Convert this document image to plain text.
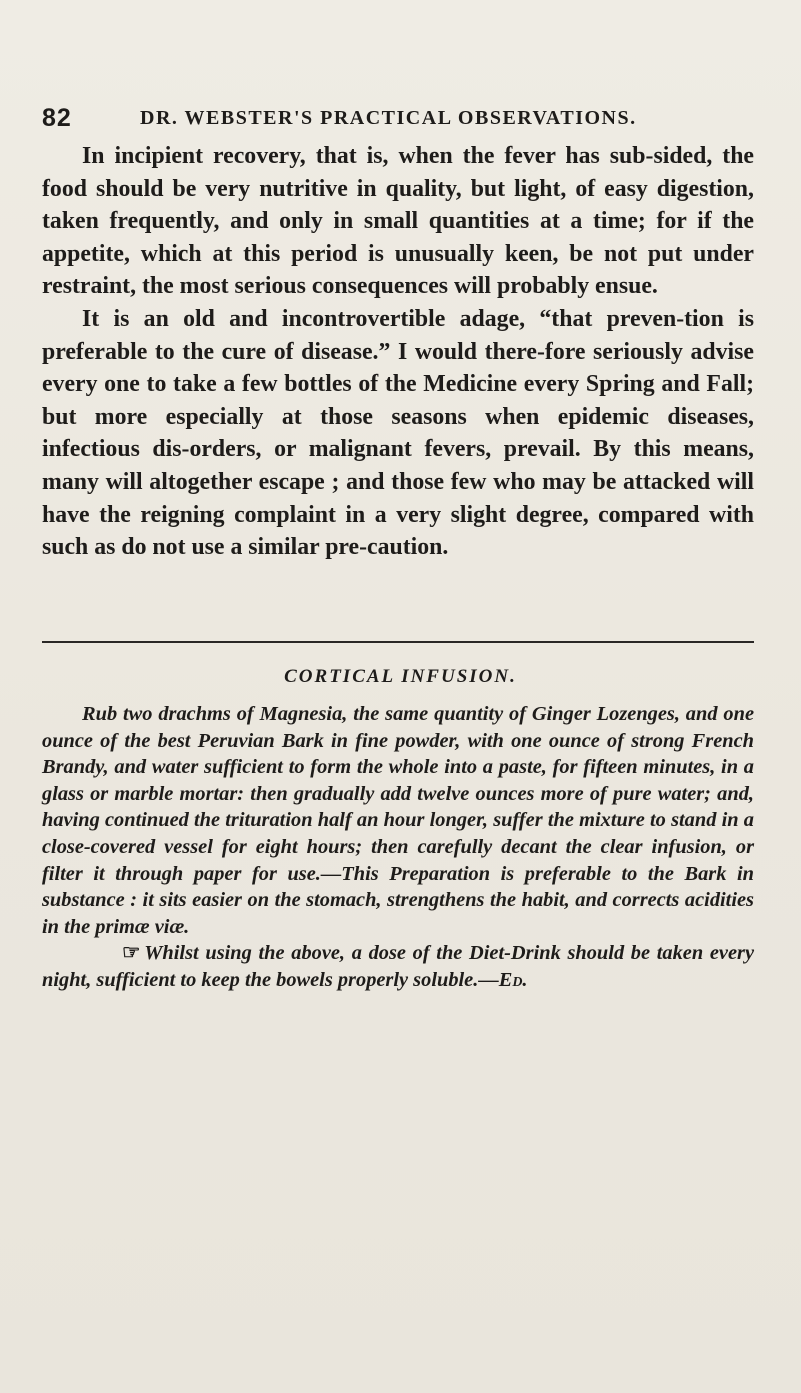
82	DR. WEBSTER'S PRACTICAL OBSERVATIONS.

In incipient recovery, that is, when the fever has sub-sided, the food should be very nutritive in quality, but light, of easy digestion, taken frequently, and only in small quantities at a time; for if the appetite, which at this period is unusually keen, be not put under restraint, the most serious consequences will probably ensue.

It is an old and incontrovertible adage, “that preven-tion is preferable to the cure of disease.” I would there-fore seriously advise every one to take a few bottles of the Medicine every Spring and Fall; but more especially at those seasons when epidemic diseases, infectious dis-orders, or malignant fevers, prevail. By this means, many will altogether escape ; and those few who may be attacked will have the reigning complaint in a very slight degree, compared with such as do not use a similar pre-caution.

CORTICAL INFUSION.

Rub two drachms of Magnesia, the same quantity of Ginger Lozenges, and one ounce of the best Peruvian Bark in fine powder, with one ounce of strong French Brandy, and water sufficient to form the whole into a paste, for fifteen minutes, in a glass or marble mortar: then gradually add twelve ounces more of pure water; and, having continued the trituration half an hour longer, suffer the mixture to stand in a close-covered vessel for eight hours; then carefully decant the clear infusion, or filter it through paper for use.—This Preparation is preferable to the Bark in substance : it sits easier on the stomach, strengthens the habit, and corrects acidities in the primæ viæ.

☞ Whilst using the above, a dose of the Diet-Drink should be taken every night, sufficient to keep the bowels properly soluble.—Ed.
